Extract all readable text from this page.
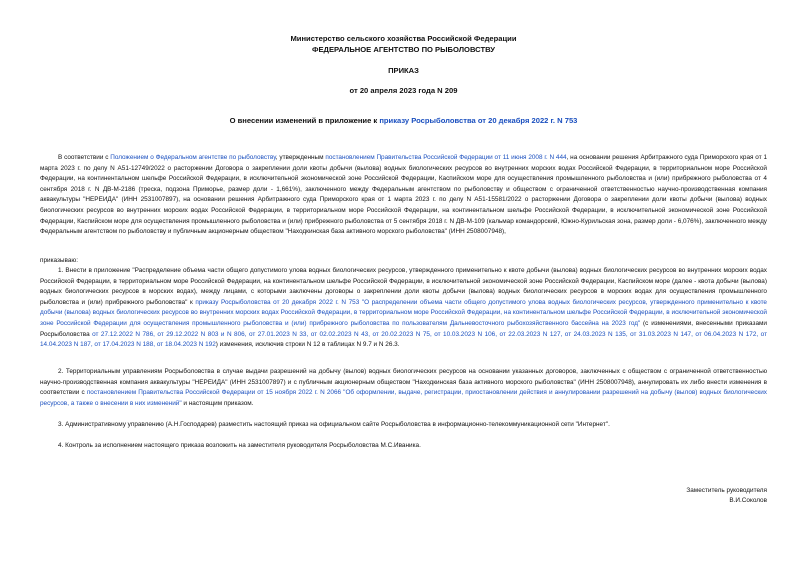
Министерство сельского хозяйства Российской Федерации
ФЕДЕРАЛЬНОЕ АГЕНТСТВО ПО РЫБОЛОВСТВУ
ПРИКАЗ
от 20 апреля 2023 года N 209
О внесении изменений в приложение к приказу Росрыболовства от 20 декабря 2022 г. N 753
В соответствии с Положением о Федеральном агентстве по рыболовству, утвержденным постановлением Правительства Российской Федерации от 11 июня 2008 г. N 444, на основании решения Арбитражного суда Приморского края от 1 марта 2023 г. по делу N А51-12749/2022 о расторжении Договора о закреплении доли квоты добычи (вылова) водных биологических ресурсов во внутренних морских водах Российской Федерации, в территориальном море Российской Федерации, на континентальном шельфе Российской Федерации, в исключительной экономической зоне Российской Федерации, Каспийском море для осуществления промышленного рыболовства и (или) прибрежного рыболовства от 4 сентября 2018 г. N ДВ-М-2186 (треска, подзона Приморье, размер доли - 1,661%), заключенного между Федеральным агентством по рыболовству и обществом с ограниченной ответственностью научно-производственная компания аквакультуры "НЕРЕИДА" (ИНН 2531007897), на основании решения Арбитражного суда Приморского края от 1 марта 2023 г. по делу N А51-15581/2022 о расторжении Договора о закреплении доли квоты добычи (вылова) водных биологических ресурсов во внутренних морских водах Российской Федерации, в территориальном море Российской Федерации, на континентальном шельфе Российской Федерации, в исключительной экономической зоне Российской Федерации, Каспийском море для осуществления промышленного рыболовства и (или) прибрежного рыболовства от 5 сентября 2018 г. N ДВ-М-109 (кальмар командорский, Южно-Курильская зона, размер доли - 6,076%), заключенного между Федеральным агентством по рыболовству и публичным акционерным обществом "Находкинская база активного морского рыболовства" (ИНН 2508007948),
приказываю:
1. Внести в приложение "Распределение объема части общего допустимого улова водных биологических ресурсов, утвержденного применительно к квоте добычи (вылова) водных биологических ресурсов во внутренних морских водах Российской Федерации, в территориальном море Российской Федерации, на континентальном шельфе Российской Федерации, в исключительной экономической зоне Российской Федерации, Каспийском море (далее - квота добычи (вылова) водных биологических ресурсов в морских водах), между лицами, с которыми заключены договоры о закреплении доли квоты добычи (вылова) водных биологических ресурсов в морских водах для осуществления промышленного рыболовства и (или) прибрежного рыболовства" к приказу Росрыболовства от 20 декабря 2022 г. N 753 "О распределении объема части общего допустимого улова водных биологических ресурсов, утвержденного применительно к квоте добычи (вылова) водных биологических ресурсов во внутренних морских водах Российской Федерации, в территориальном море Российской Федерации, на континентальном шельфе Российской Федерации, в исключительной экономической зоне Российской Федерации для осуществления промышленного рыболовства и (или) прибрежного рыболовства по пользователям Дальневосточного рыбохозяйственного бассейна на 2023 год" (с изменениями, внесенными приказами Росрыболовства от 27.12.2022 N 786, от 29.12.2022 N 803 и N 806, от 27.01.2023 N 33, от 02.02.2023 N 43, от 20.02.2023 N 75, от 10.03.2023 N 106, от 22.03.2023 N 127, от 24.03.2023 N 135, от 31.03.2023 N 147, от 06.04.2023 N 172, от 14.04.2023 N 187, от 17.04.2023 N 188, от 18.04.2023 N 192) изменения, исключив строки N 12 в таблицах N 9.7 и N 26.3.
2. Территориальным управлениям Росрыболовства в случае выдачи разрешений на добычу (вылов) водных биологических ресурсов на основании указанных договоров, заключенных с обществом с ограниченной ответственностью научно-производственная компания аквакультуры "НЕРЕИДА" (ИНН 2531007897) и с публичным акционерным обществом "Находкинская база активного морского рыболовства" (ИНН 2508007948), аннулировать их либо внести изменения в соответствии с постановлением Правительства Российской Федерации от 15 ноября 2022 г. N 2066 "Об оформлении, выдаче, регистрации, приостановлении действия и аннулировании разрешений на добычу (вылов) водных биологических ресурсов, а также о внесении в них изменений" и настоящим приказом.
3. Административному управлению (А.Н.Господарев) разместить настоящий приказ на официальном сайте Росрыболовства в информационно-телекоммуникационной сети "Интернет".
4. Контроль за исполнением настоящего приказа возложить на заместителя руководителя Росрыболовства М.С.Иваника.
Заместитель руководителя
В.И.Соколов
